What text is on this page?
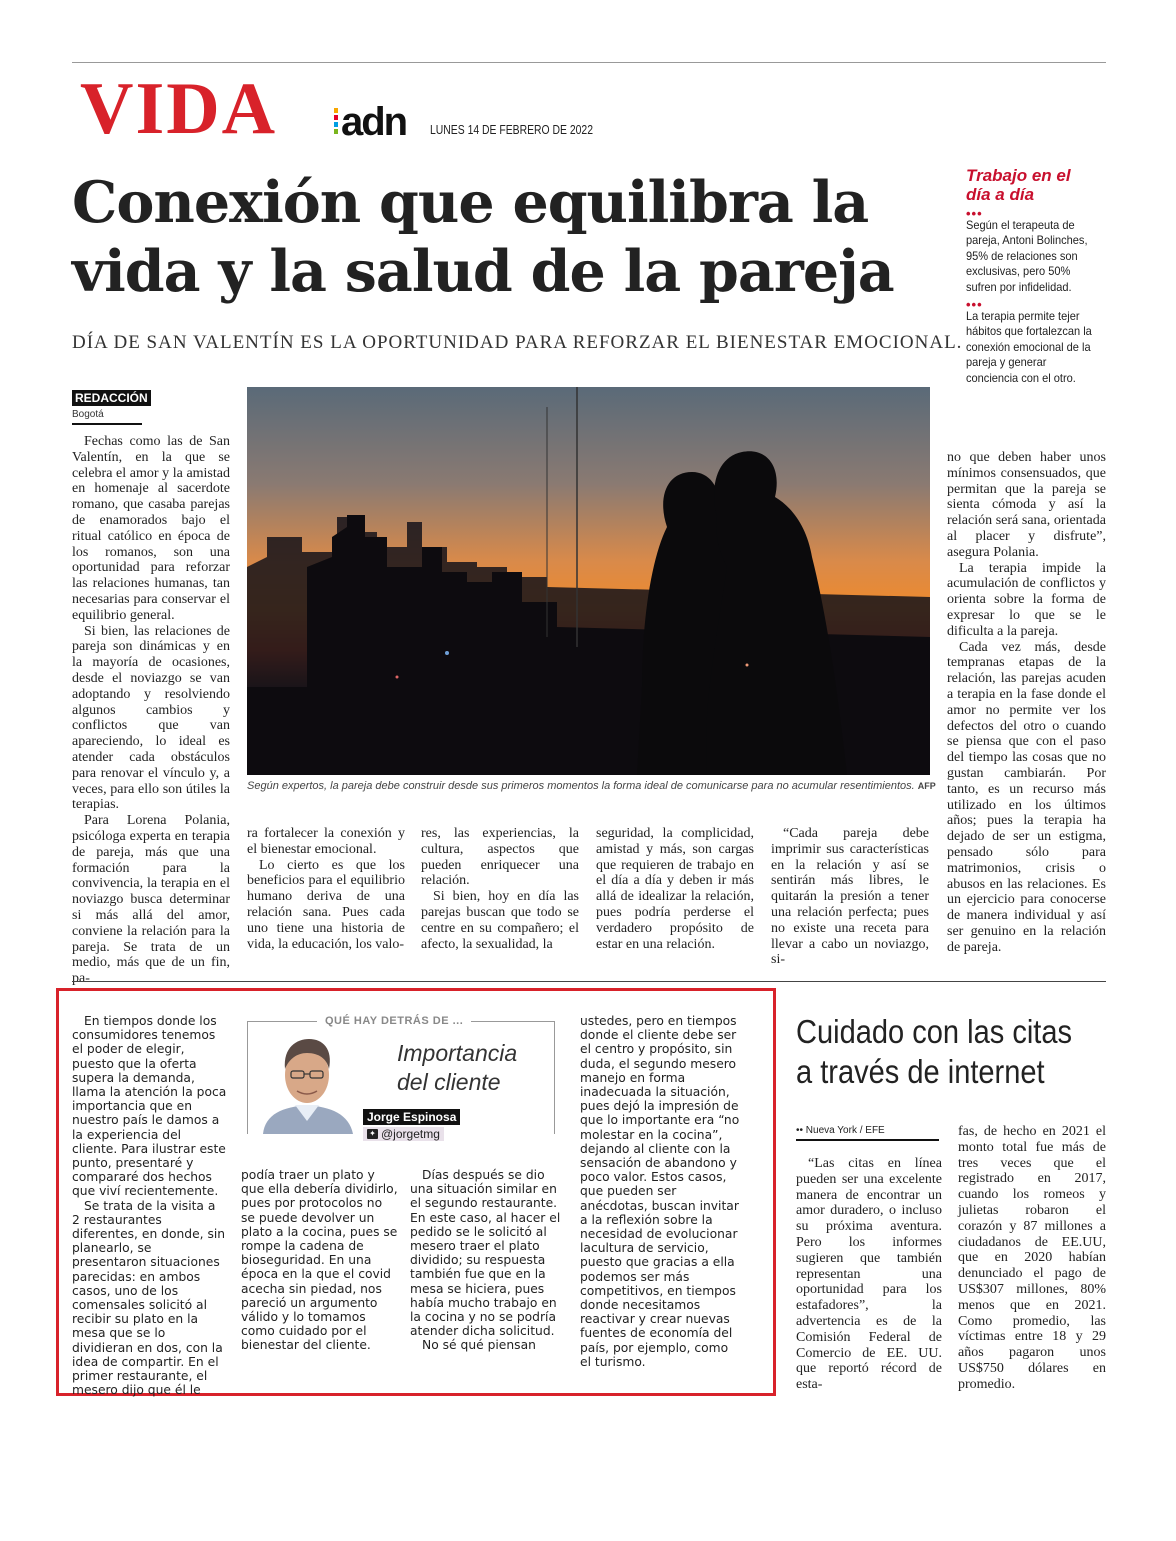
VIDA adn LUNES 14 DE FEBRERO DE 2022
Conexión que equilibra la vida y la salud de la pareja
DÍA DE SAN VALENTÍN ES LA OPORTUNIDAD PARA REFORZAR EL BIENESTAR EMOCIONAL.
Trabajo en el día a día
•••
Según el terapeuta de pareja, Antoni Bolinches, 95% de relaciones son exclusivas, pero 50% sufren por infidelidad.
•••
La terapia permite tejer hábitos que fortalezcan la conexión emocional de la pareja y generar conciencia con el otro.
REDACCIÓN
Bogotá

Fechas como las de San Valentín, en la que se celebra el amor y la amistad en homenaje al sacerdote romano, que casaba parejas de enamorados bajo el ritual católico en época de los romanos, son una oportunidad para reforzar las relaciones humanas, tan necesarias para conservar el equilibrio general.

Si bien, las relaciones de pareja son dinámicas y en la mayoría de ocasiones, desde el noviazgo se van adoptando y resolviendo algunos cambios y conflictos que van apareciendo, lo ideal es atender cada obstáculos para renovar el vínculo y, a veces, para ello son útiles la terapias.

Para Lorena Polania, psicóloga experta en terapia de pareja, más que una formación para la convivencia, la terapia en el noviazgo busca determinar si más allá del amor, conviene la relación para la pareja. Se trata de un medio, más que de un fin, pa-

Según expertos, la pareja debe construir desde sus primeros momentos la forma ideal de comunicarse para no acumular resentimientos. AFP

ra fortalecer la conexión y el bienestar emocional.

Lo cierto es que los beneficios para el equilibrio humano deriva de una relación sana. Pues cada uno tiene una historia de vida, la educación, los valo-

res, las experiencias, la cultura, aspectos que pueden enriquecer una relación.

Si bien, hoy en día las parejas buscan que todo se centre en su compañero; el afecto, la sexualidad, la

seguridad, la complicidad, amistad y más, son cargas que requieren de trabajo en el día a día y deben ir más allá de idealizar la relación, pues podría perderse el verdadero propósito de estar en una relación.

“Cada pareja debe imprimir sus características en la relación y así se sentirán más libres, le quitarán la presión a tener una relación perfecta; pues no existe una receta para llevar a cabo un noviazgo, si-

no que deben haber unos mínimos consensuados, que permitan que la pareja se sienta cómoda y así la relación será sana, orientada al placer y disfrute”, asegura Polania.

La terapia impide la acumulación de conflictos y orienta sobre la forma de expresar lo que se le dificulta a la pareja.

Cada vez más, desde tempranas etapas de la relación, las parejas acuden a terapia en la fase donde el amor no permite ver los defectos del otro o cuando se piensa que con el paso del tiempo las cosas que no gustan cambiarán. Por tanto, es un recurso más utilizado en los últimos años; pues la terapia ha dejado de ser un estigma, pensado sólo para matrimonios, crisis o abusos en las relaciones. Es un ejercicio para conocerse de manera individual y así ser genuino en la relación de pareja.

En tiempos donde los consumidores tenemos el poder de elegir, puesto que la oferta supera la demanda, llama la atención la poca importancia que en nuestro país le damos a la experiencia del cliente. Para ilustrar este punto, presentaré y compararé dos hechos que viví recientemente.

Se trata de la visita a 2 restaurantes diferentes, en donde, sin planearlo, se presentaron situaciones parecidas: en ambos casos, uno de los comensales solicitó al recibir su plato en la mesa que se lo dividieran en dos, con la idea de compartir. En el primer restaurante, el mesero dijo que él le

QUÉ HAY DETRÁS DE ...
Importancia
del cliente
Jorge Espinosa
✦ @jorgetmg

podía traer un plato y que ella debería dividirlo, pues por protocolos no se puede devolver un plato a la cocina, pues se rompe la cadena de bioseguridad. En una época en la que el covid acecha sin piedad, nos pareció un argumento válido y lo tomamos como cuidado por el bienestar del cliente.

Días después se dio una situación similar en el segundo restaurante. En este caso, al hacer el pedido se le solicitó al mesero traer el plato dividido; su respuesta también fue que en la mesa se hiciera, pues había mucho trabajo en la cocina y no se podría atender dicha solicitud.

No sé qué piensan

ustedes, pero en tiempos donde el cliente debe ser el centro y propósito, sin duda, el segundo mesero manejo en forma inadecuada la situación, pues dejó la impresión de que lo importante era “no molestar en la cocina”, dejando al cliente con la sensación de abandono y poco valor. Estos casos, que pueden ser anécdotas, buscan invitar a la reflexión sobre la necesidad de evolucionar lacultura de servicio, puesto que gracias a ella podemos ser más competitivos, en tiempos donde necesitamos reactivar y crear nuevas fuentes de economía del país, por ejemplo, como el turismo.

Cuidado con las citas
a través de internet
•• Nueva York / EFE

“Las citas en línea pueden ser una excelente manera de encontrar un amor duradero, o incluso su próxima aventura. Pero los informes sugieren que también representan una oportunidad para los estafadores”, la advertencia es de la Comisión Federal de Comercio de EE. UU. que reportó récord de esta-

fas, de hecho en 2021 el monto total fue más de tres veces que el registrado en 2017, cuando los romeos y julietas robaron el corazón y 87 millones a ciudadanos de EE.UU, que en 2020 habían denunciado el pago de US$307 millones, 80% menos que en 2021. Como promedio, las víctimas entre 18 y 29 años pagaron unos US$750 dólares en promedio.
